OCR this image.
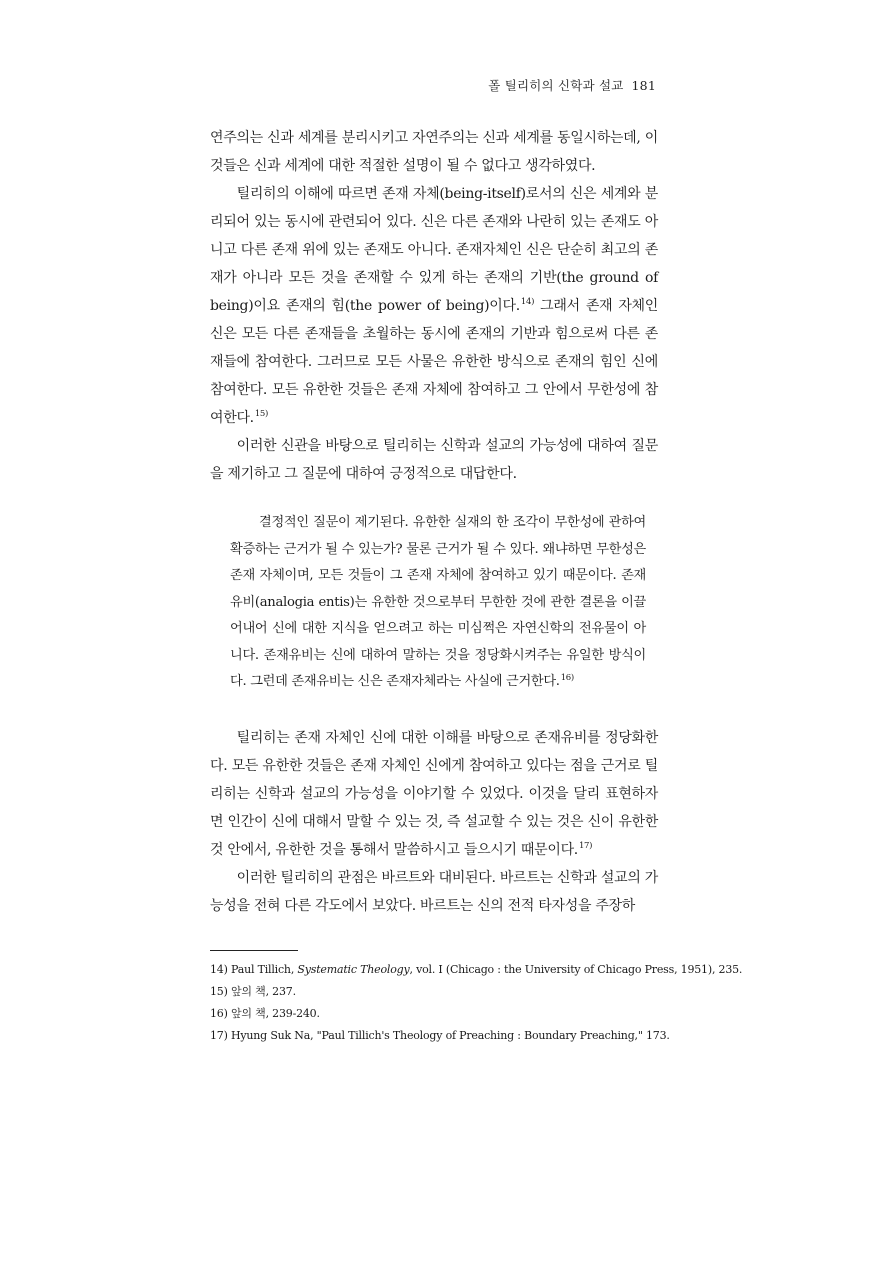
폴 틸리히의 신학과 설교 181

연주의는 신과 세계를 분리시키고 자연주의는 신과 세계를 동일시하는데, 이것들은 신과 세계에 대한 적절한 설명이 될 수 없다고 생각하였다.

틸리히의 이해에 따르면 존재 자체(being-itself)로서의 신은 세계와 분리되어 있는 동시에 관련되어 있다. 신은 다른 존재와 나란히 있는 존재도 아니고 다른 존재 위에 있는 존재도 아니다. 존재자체인 신은 단순히 최고의 존재가 아니라 모든 것을 존재할 수 있게 하는 존재의 기반(the ground of being)이요 존재의 힘(the power of being)이다.$^{14)}$ 그래서 존재 자체인 신은 모든 다른 존재들을 초월하는 동시에 존재의 기반과 힘으로써 다른 존재들에 참여한다. 그러므로 모든 사물은 유한한 방식으로 존재의 힘인 신에 참여한다. 모든 유한한 것들은 존재 자체에 참여하고 그 안에서 무한성에 참여한다.$^{15)}$

이러한 신관을 바탕으로 틸리히는 신학과 설교의 가능성에 대하여 질문을 제기하고 그 질문에 대하여 긍정적으로 대답한다.

결정적인 질문이 제기된다. 유한한 실재의 한 조각이 무한성에 관하여 확증하는 근거가 될 수 있는가? 물론 근거가 될 수 있다. 왜냐하면 무한성은 존재 자체이며, 모든 것들이 그 존재 자체에 참여하고 있기 때문이다. 존재유비(analogia entis)는 유한한 것으로부터 무한한 것에 관한 결론을 이끌어내어 신에 대한 지식을 얻으려고 하는 미심쩍은 자연신학의 전유물이 아니다. 존재유비는 신에 대하여 말하는 것을 정당화시켜주는 유일한 방식이다. 그런데 존재유비는 신은 존재자체라는 사실에 근거한다.$^{16)}$

틸리히는 존재 자체인 신에 대한 이해를 바탕으로 존재유비를 정당화한다. 모든 유한한 것들은 존재 자체인 신에게 참여하고 있다는 점을 근거로 틸리히는 신학과 설교의 가능성을 이야기할 수 있었다. 이것을 달리 표현하자면 인간이 신에 대해서 말할 수 있는 것, 즉 설교할 수 있는 것은 신이 유한한 것 안에서, 유한한 것을 통해서 말씀하시고 들으시기 때문이다.$^{17)}$

이러한 틸리히의 관점은 바르트와 대비된다. 바르트는 신학과 설교의 가능성을 전혀 다른 각도에서 보았다. 바르트는 신의 전적 타자성을 주장하

14) Paul Tillich, Systematic Theology, vol. I (Chicago : the University of Chicago Press, 1951), 235.

15) 앞의 책, 237.

16) 앞의 책, 239-240.

17) Hyung Suk Na, "Paul Tillich's Theology of Preaching : Boundary Preaching," 173.
